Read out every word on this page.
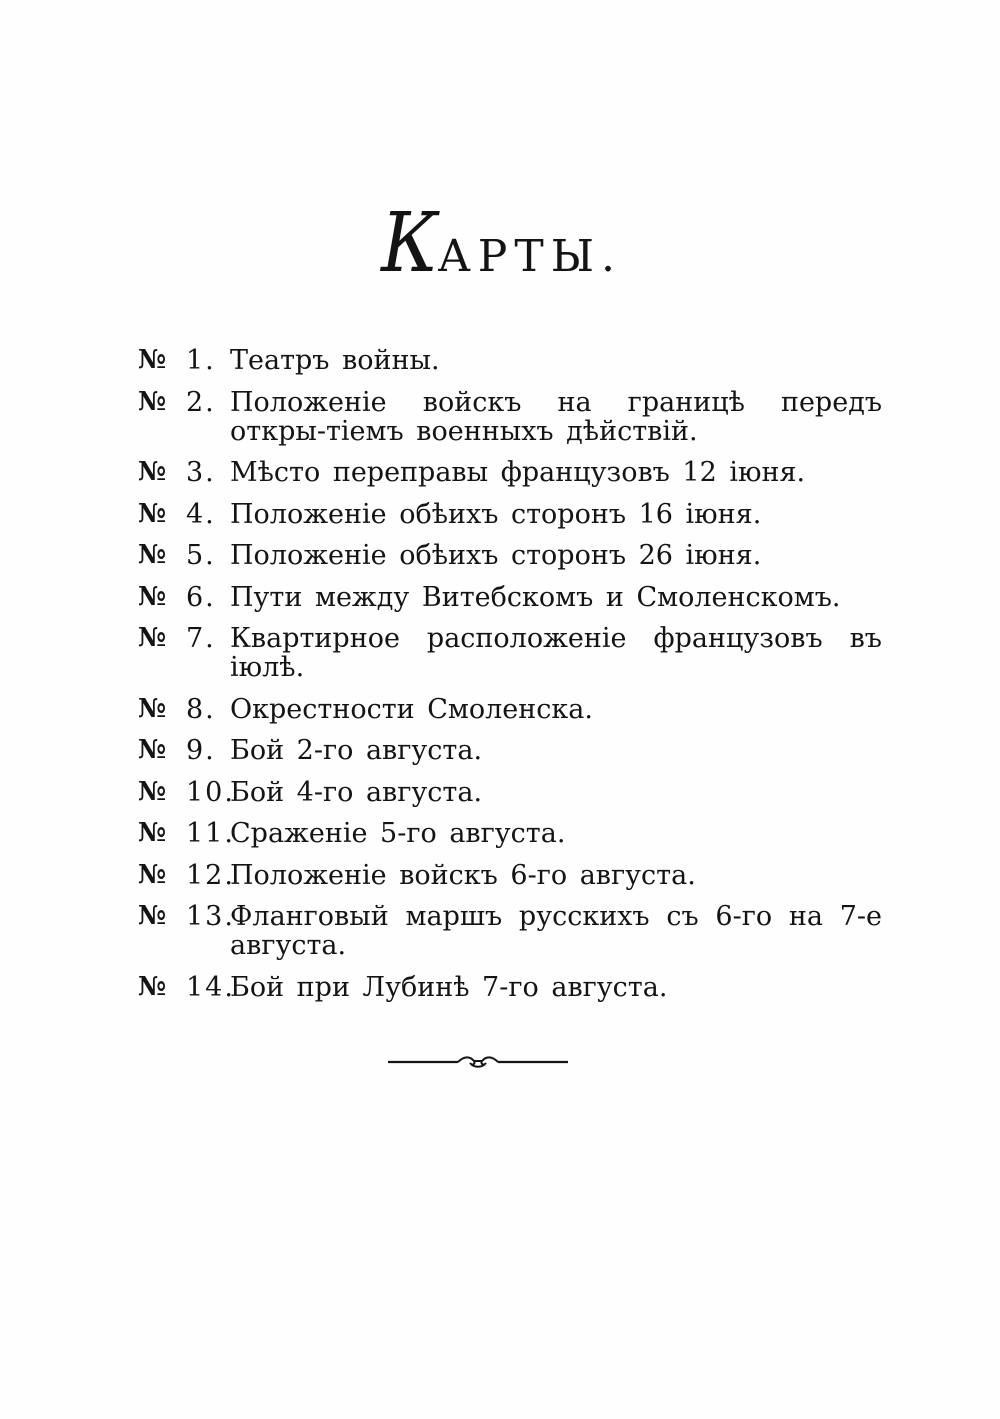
КАРТЫ.
№ 1. Театръ войны.
№ 2. Положеніе войскъ на границѣ передъ откры-тіемъ военныхъ дѣйствій.
№ 3. Мѣсто переправы французовъ 12 іюня.
№ 4. Положеніе обѣихъ сторонъ 16 іюня.
№ 5. Положеніе обѣихъ сторонъ 26 іюня.
№ 6. Пути между Витебскомъ и Смоленскомъ.
№ 7. Квартирное расположеніе французовъ въ іюлѣ.
№ 8. Окрестности Смоленска.
№ 9. Бой 2-го августа.
№ 10.
Бой 4-го августа.
№ 11.
Сраженіе 5-го августа.
№ 12.
Положеніе войскъ 6-го августа.
№ 13.
Фланговый маршъ русскихъ съ 6-го на 7-е августа.
№ 14.
Бой при Лубинѣ 7-го августа.
